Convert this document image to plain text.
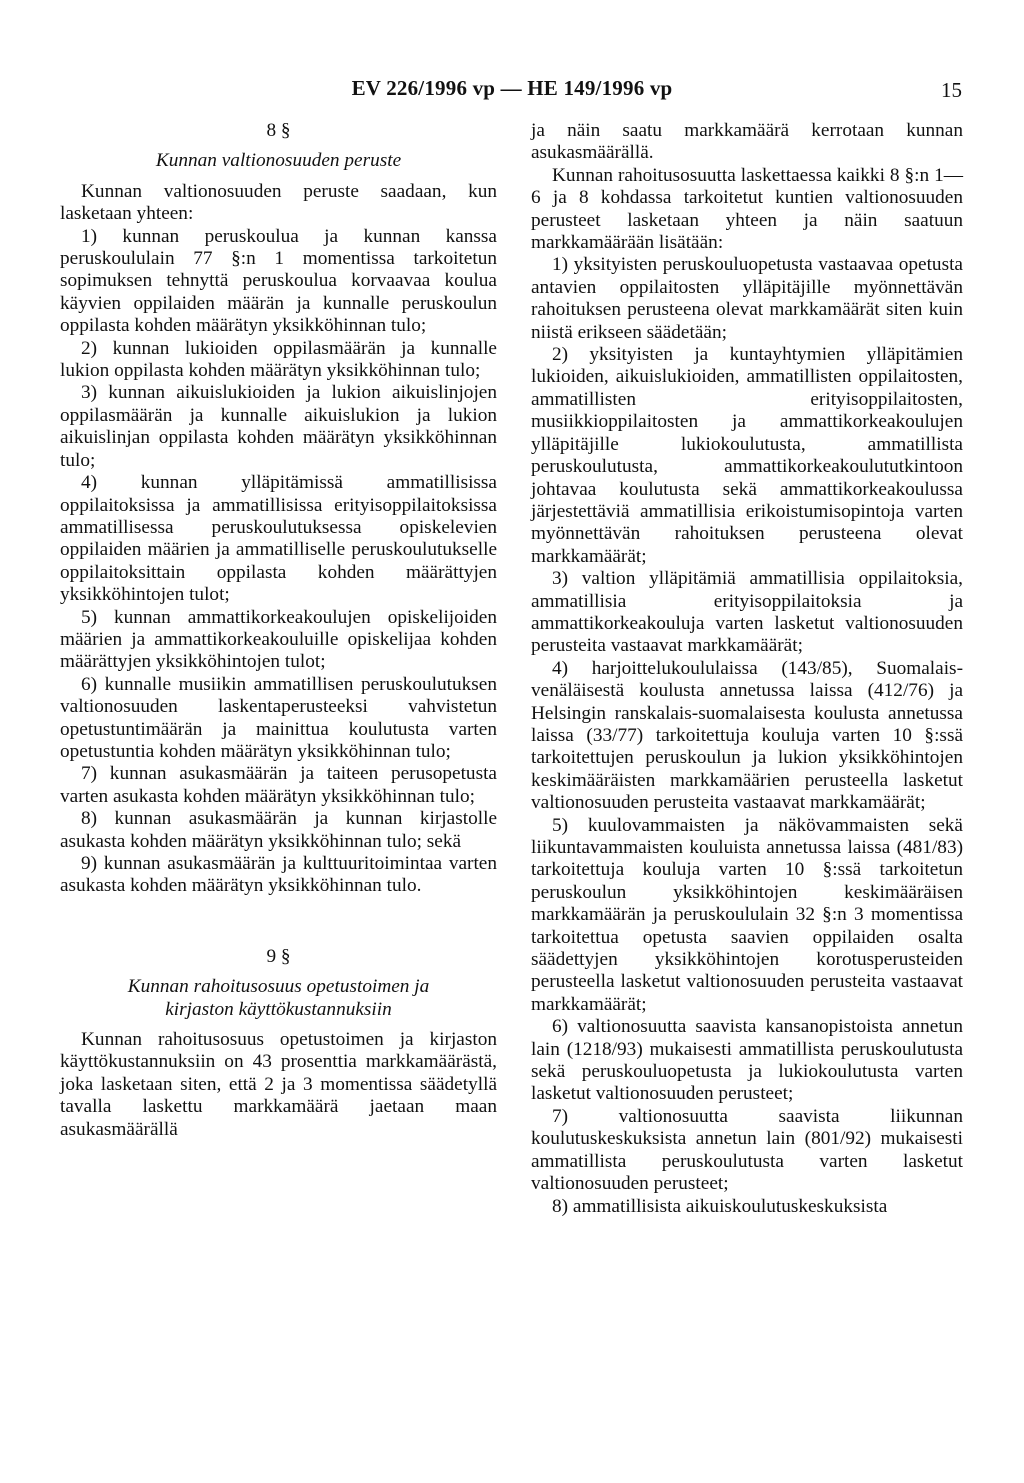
EV 226/1996 vp — HE 149/1996 vp	15

8 §

Kunnan valtionosuuden peruste

Kunnan valtionosuuden peruste saadaan, kun lasketaan yhteen:

1) kunnan peruskoulua ja kunnan kanssa peruskoululain 77 §:n 1 momentissa tarkoitetun sopimuksen tehnyttä peruskoulua korvaavaa koulua käyvien oppilaiden määrän ja kunnalle peruskoulun oppilasta kohden määrätyn yksikköhinnan tulo;

2) kunnan lukioiden oppilasmäärän ja kunnalle lukion oppilasta kohden määrätyn yksikköhinnan tulo;

3) kunnan aikuislukioiden ja lukion aikuislinjojen oppilasmäärän ja kunnalle aikuislukion ja lukion aikuislinjan oppilasta kohden määrätyn yksikköhinnan tulo;

4) kunnan ylläpitämissä ammatillisissa oppilaitoksissa ja ammatillisissa erityisoppilaitoksissa ammatillisessa peruskoulutuksessa opiskelevien oppilaiden määrien ja ammatilliselle peruskoulutukselle oppilaitoksittain oppilasta kohden määrättyjen yksikköhintojen tulot;

5) kunnan ammattikorkeakoulujen opiskelijoiden määrien ja ammattikorkeakouluille opiskelijaa kohden määrättyjen yksikköhintojen tulot;

6) kunnalle musiikin ammatillisen peruskoulutuksen valtionosuuden laskentaperusteeksi vahvistetun opetustuntimäärän ja mainittua koulutusta varten opetustuntia kohden määrätyn yksikköhinnan tulo;

7) kunnan asukasmäärän ja taiteen perusopetusta varten asukasta kohden määrätyn yksikköhinnan tulo;

8) kunnan asukasmäärän ja kunnan kirjastolle asukasta kohden määrätyn yksikköhinnan tulo; sekä

9) kunnan asukasmäärän ja kulttuuritoimintaa varten asukasta kohden määrätyn yksikköhinnan tulo.

9 §

Kunnan rahoitusosuus opetustoimen ja
kirjaston käyttökustannuksiin

Kunnan rahoitusosuus opetustoimen ja kirjaston käyttökustannuksiin on 43 prosenttia markkamäärästä, joka lasketaan siten, että 2 ja 3 momentissa säädetyllä tavalla laskettu markkamäärä jaetaan maan asukasmäärällä

ja näin saatu markkamäärä kerrotaan kunnan asukasmäärällä.

Kunnan rahoitusosuutta laskettaessa kaikki 8 §:n 1—6 ja 8 kohdassa tarkoitetut kuntien valtionosuuden perusteet lasketaan yhteen ja näin saatuun markkamäärään lisätään:

1) yksityisten peruskouluopetusta vastaavaa opetusta antavien oppilaitosten ylläpitäjille myönnettävän rahoituksen perusteena olevat markkamäärät siten kuin niistä erikseen säädetään;

2) yksityisten ja kuntayhtymien ylläpitämien lukioiden, aikuislukioiden, ammatillisten oppilaitosten, ammatillisten erityisoppilaitosten, musiikkioppilaitosten ja ammattikorkeakoulujen ylläpitäjille lukiokoulutusta, ammatillista peruskoulutusta, ammattikorkeakoulututkintoon johtavaa koulutusta sekä ammattikorkeakoulussa järjestettäviä ammatillisia erikoistumisopintoja varten myönnettävän rahoituksen perusteena olevat markkamäärät;

3) valtion ylläpitämiä ammatillisia oppilaitoksia, ammatillisia erityisoppilaitoksia ja ammattikorkeakouluja varten lasketut valtionosuuden perusteita vastaavat markkamäärät;

4) harjoittelukoululaissa (143/85), Suomalais-venäläisestä koulusta annetussa laissa (412/76) ja Helsingin ranskalais-suomalaisesta koulusta annetussa laissa (33/77) tarkoitettuja kouluja varten 10 §:ssä tarkoitettujen peruskoulun ja lukion yksikköhintojen keskimääräisten markkamäärien perusteella lasketut valtionosuuden perusteita vastaavat markkamäärät;

5) kuulovammaisten ja näkövammaisten sekä liikuntavammaisten kouluista annetussa laissa (481/83) tarkoitettuja kouluja varten 10 §:ssä tarkoitetun peruskoulun yksikköhintojen keskimääräisen markkamäärän ja peruskoululain 32 §:n 3 momentissa tarkoitettua opetusta saavien oppilaiden osalta säädettyjen yksikköhintojen korotusperusteiden perusteella lasketut valtionosuuden perusteita vastaavat markkamäärät;

6) valtionosuutta saavista kansanopistoista annetun lain (1218/93) mukaisesti ammatillista peruskoulutusta sekä peruskouluopetusta ja lukiokoulutusta varten lasketut valtionosuuden perusteet;

7) valtionosuutta saavista liikunnan koulutuskeskuksista annetun lain (801/92) mukaisesti ammatillista peruskoulutusta varten lasketut valtionosuuden perusteet;

8) ammatillisista aikuiskoulutuskeskuksista
